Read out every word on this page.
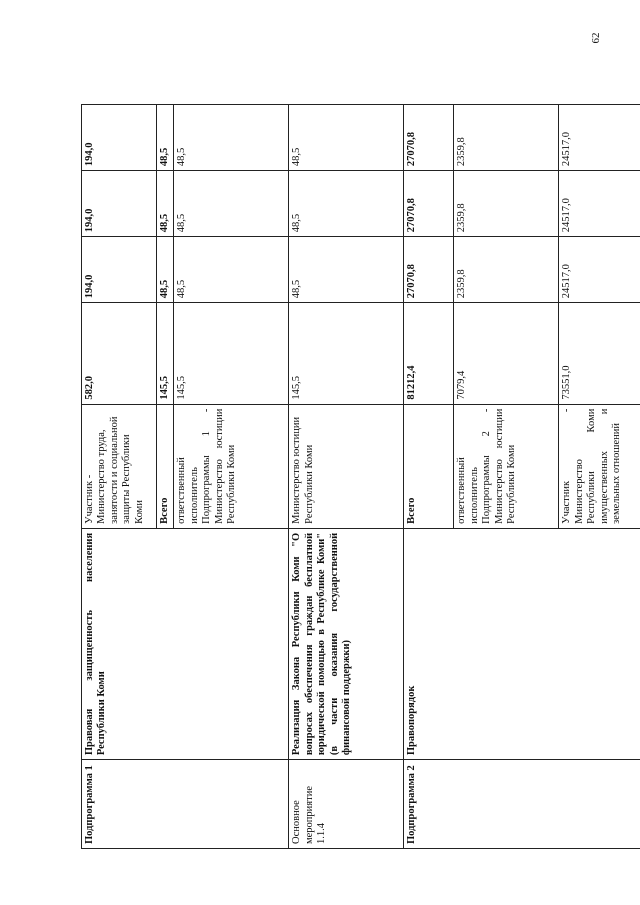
62
Подпрограмма 1	Правовая защищенность населения Республики Коми	Участник - Министерство труда, занятости и социальной защиты Республики Коми	582,0	194,0	194,0	194,0
		Всего	145,5	48,5	48,5	48,5
		ответственный исполнитель Подпрограммы 1 - Министерство юстиции Республики Коми	145,5	48,5	48,5	48,5
Основное мероприятие 1.1.4	Реализация Закона Республики Коми "О вопросах обеспечения граждан бесплатной юридической помощью в Республике Коми" (в части оказания государственной финансовой поддержки)	Министерство юстиции Республики Коми	145,5	48,5	48,5	48,5
Подпрограмма 2	Правопорядок	Всего	81212,4	27070,8	27070,8	27070,8
		ответственный исполнитель Подпрограммы 2 - Министерство юстиции Республики Коми	7079,4	2359,8	2359,8	2359,8
		Участник - Министерство Республики Коми имущественных и земельных отношений	73551,0	24517,0	24517,0	24517,0
